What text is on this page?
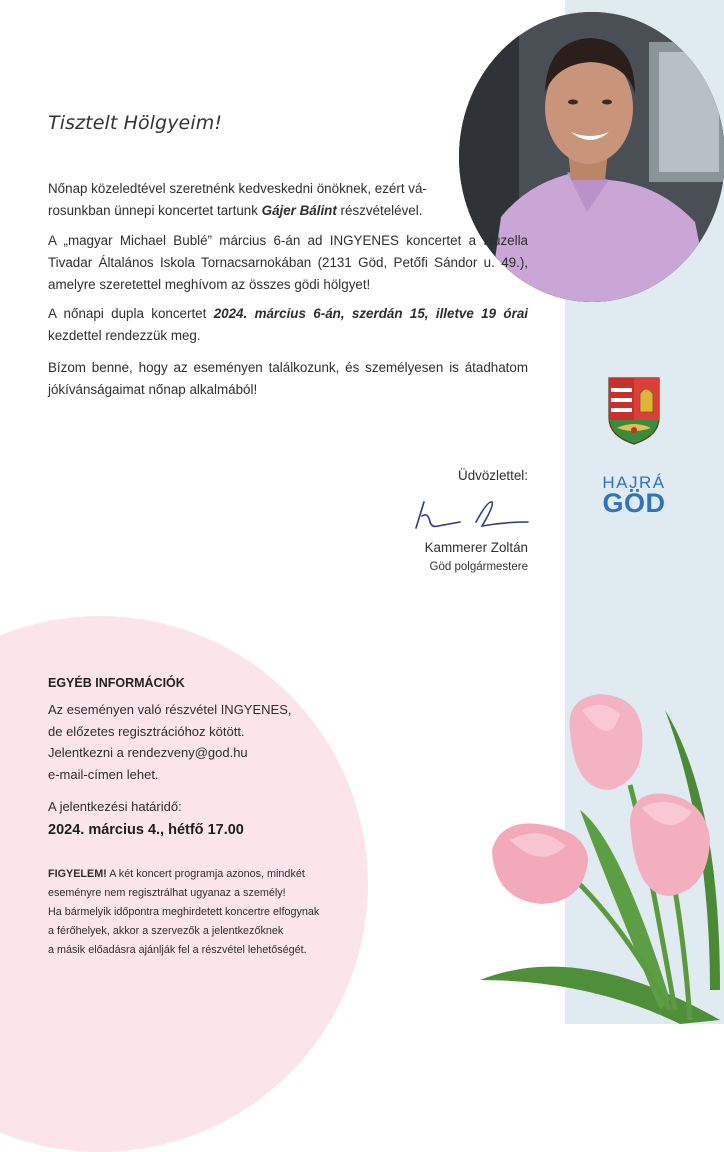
Tisztelt Hölgyeim!
Nőnap közeledtével szeretnénk kedveskedni önöknek, ezért vá-
rosunkban ünnepi koncertet tartunk Gájer Bálint részvételével.
A „magyar Michael Bublé” március 6-án ad INGYENES koncertet a Huzella Tivadar Általános Iskola Tornacsarnokában (2131 Göd, Petőfi Sándor u. 49.), amelyre szeretettel meghívom az összes gödi hölgyet!
A nőnapi dupla koncertet 2024. március 6-án, szerdán 15, illetve 19 órai kezdettel rendezzük meg.
Bízom benne, hogy az eseményen találkozunk, és személyesen is átadhatom jókívánságaimat nőnap alkalmából!
Üdvözlettel:
Kammerer Zoltán
Göd polgármestere
HAJRÁ
GÖD
EGYÉB INFORMÁCIÓK
Az eseményen való részvétel INGYENES,
de előzetes regisztrációhoz kötött.
Jelentkezni a rendezveny@god.hu
e-mail-címen lehet.
A jelentkezési határidő:
2024. március 4., hétfő 17.00
FIGYELEM! A két koncert programja azonos, mindkét
eseményre nem regisztrálhat ugyanaz a személy!
Ha bármelyik időpontra meghirdetett koncertre elfogynak
a férőhelyek, akkor a szervezők a jelentkezőknek
a másik előadásra ajánlják fel a részvétel lehetőségét.
